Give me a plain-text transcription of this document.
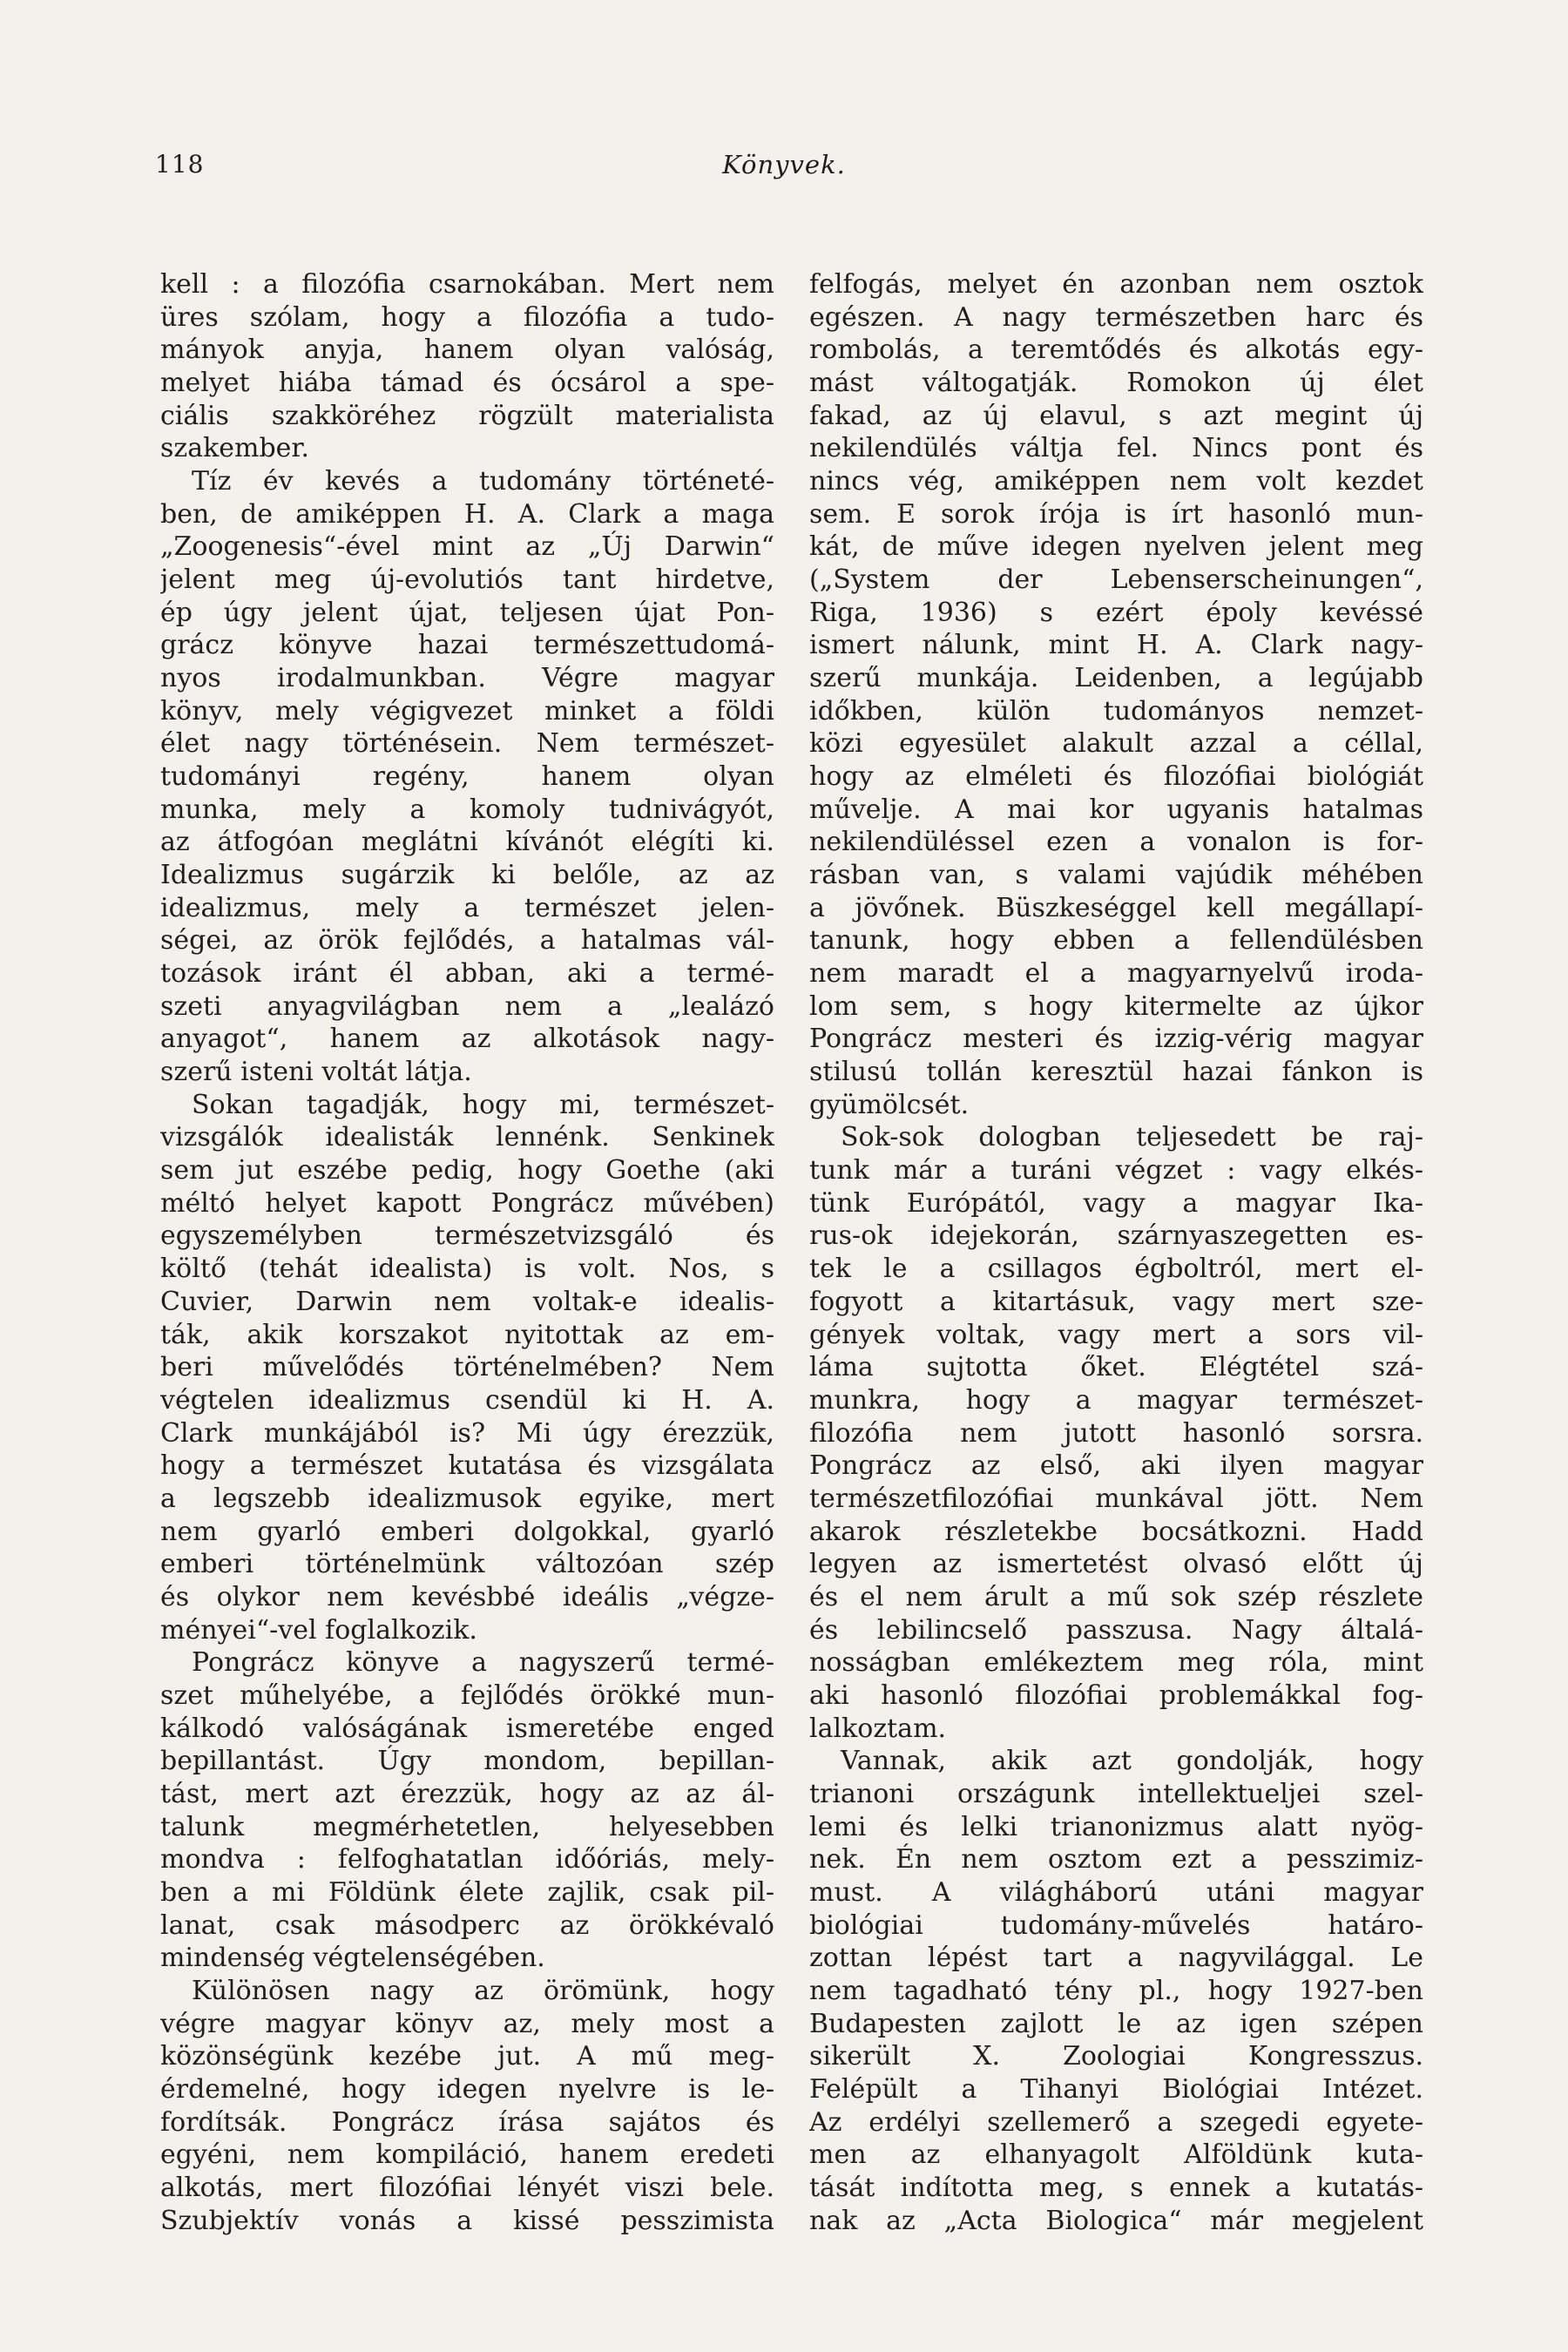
118	Könyvek.
kell : a filozófia csarnokában. Mert nem
üres szólam, hogy a filozófia a tudo-
mányok anyja, hanem olyan valóság,
melyet hiába támad és ócsárol a spe-
ciális szakköréhez rögzült materialista
szakember.
Tíz év kevés a tudomány történeté-
ben, de amiképpen H. A. Clark a maga
„Zoogenesis“-ével mint az „Új Darwin“
jelent meg új-evolutiós tant hirdetve,
ép úgy jelent újat, teljesen újat Pon-
grácz könyve hazai természettudomá-
nyos irodalmunkban. Végre magyar
könyv, mely végigvezet minket a földi
élet nagy történésein. Nem természet-
tudományi regény, hanem olyan
munka, mely a komoly tudnivágyót,
az átfogóan meglátni kívánót elégíti ki.
Idealizmus sugárzik ki belőle, az az
idealizmus, mely a természet jelen-
ségei, az örök fejlődés, a hatalmas vál-
tozások iránt él abban, aki a termé-
szeti anyagvilágban nem a „lealázó
anyagot“, hanem az alkotások nagy-
szerű isteni voltát látja.
Sokan tagadják, hogy mi, természet-
vizsgálók idealisták lennénk. Senkinek
sem jut eszébe pedig, hogy Goethe (aki
méltó helyet kapott Pongrácz művében)
egyszemélyben természetvizsgáló és
költő (tehát idealista) is volt. Nos, s
Cuvier, Darwin nem voltak-e idealis-
ták, akik korszakot nyitottak az em-
beri művelődés történelmében? Nem
végtelen idealizmus csendül ki H. A.
Clark munkájából is? Mi úgy érezzük,
hogy a természet kutatása és vizsgálata
a legszebb idealizmusok egyike, mert
nem gyarló emberi dolgokkal, gyarló
emberi történelmünk változóan szép
és olykor nem kevésbbé ideális „végze-
ményei“-vel foglalkozik.
Pongrácz könyve a nagyszerű termé-
szet műhelyébe, a fejlődés örökké mun-
kálkodó valóságának ismeretébe enged
bepillantást. Úgy mondom, bepillan-
tást, mert azt érezzük, hogy az az ál-
talunk megmérhetetlen, helyesebben
mondva : felfoghatatlan időóriás, mely-
ben a mi Földünk élete zajlik, csak pil-
lanat, csak másodperc az örökkévaló
mindenség végtelenségében.
Különösen nagy az örömünk, hogy
végre magyar könyv az, mely most a
közönségünk kezébe jut. A mű meg-
érdemelné, hogy idegen nyelvre is le-
fordítsák. Pongrácz írása sajátos és
egyéni, nem kompiláció, hanem eredeti
alkotás, mert filozófiai lényét viszi bele.
Szubjektív vonás a kissé pesszimista
felfogás, melyet én azonban nem osztok
egészen. A nagy természetben harc és
rombolás, a teremtődés és alkotás egy-
mást váltogatják. Romokon új élet
fakad, az új elavul, s azt megint új
nekilendülés váltja fel. Nincs pont és
nincs vég, amiképpen nem volt kezdet
sem. E sorok írója is írt hasonló mun-
kát, de műve idegen nyelven jelent meg
(„System der Lebenserscheinungen“,
Riga, 1936) s ezért époly kevéssé
ismert nálunk, mint H. A. Clark nagy-
szerű munkája. Leidenben, a legújabb
időkben, külön tudományos nemzet-
közi egyesület alakult azzal a céllal,
hogy az elméleti és filozófiai biológiát
művelje. A mai kor ugyanis hatalmas
nekilendüléssel ezen a vonalon is for-
rásban van, s valami vajúdik méhében
a jövőnek. Büszkeséggel kell megállapí-
tanunk, hogy ebben a fellendülésben
nem maradt el a magyarnyelvű iroda-
lom sem, s hogy kitermelte az újkor
Pongrácz mesteri és izzig-vérig magyar
stilusú tollán keresztül hazai fánkon is
gyümölcsét.
Sok-sok dologban teljesedett be raj-
tunk már a turáni végzet : vagy elkés-
tünk Európától, vagy a magyar Ika-
rus-ok idejekorán, szárnyaszegetten es-
tek le a csillagos égboltról, mert el-
fogyott a kitartásuk, vagy mert sze-
gények voltak, vagy mert a sors vil-
láma sujtotta őket. Elégtétel szá-
munkra, hogy a magyar természet-
filozófia nem jutott hasonló sorsra.
Pongrácz az első, aki ilyen magyar
természetfilozófiai munkával jött. Nem
akarok részletekbe bocsátkozni. Hadd
legyen az ismertetést olvasó előtt új
és el nem árult a mű sok szép részlete
és lebilincselő passzusa. Nagy általá-
nosságban emlékeztem meg róla, mint
aki hasonló filozófiai problemákkal fog-
lalkoztam.
Vannak, akik azt gondolják, hogy
trianoni országunk intellektueljei szel-
lemi és lelki trianonizmus alatt nyög-
nek. Én nem osztom ezt a pesszimiz-
must. A világháború utáni magyar
biológiai tudomány-művelés határo-
zottan lépést tart a nagyvilággal. Le
nem tagadható tény pl., hogy 1927-ben
Budapesten zajlott le az igen szépen
sikerült X. Zoologiai Kongresszus.
Felépült a Tihanyi Biológiai Intézet.
Az erdélyi szellemerő a szegedi egyete-
men az elhanyagolt Alföldünk kuta-
tását indította meg, s ennek a kutatás-
nak az „Acta Biologica“ már megjelent
